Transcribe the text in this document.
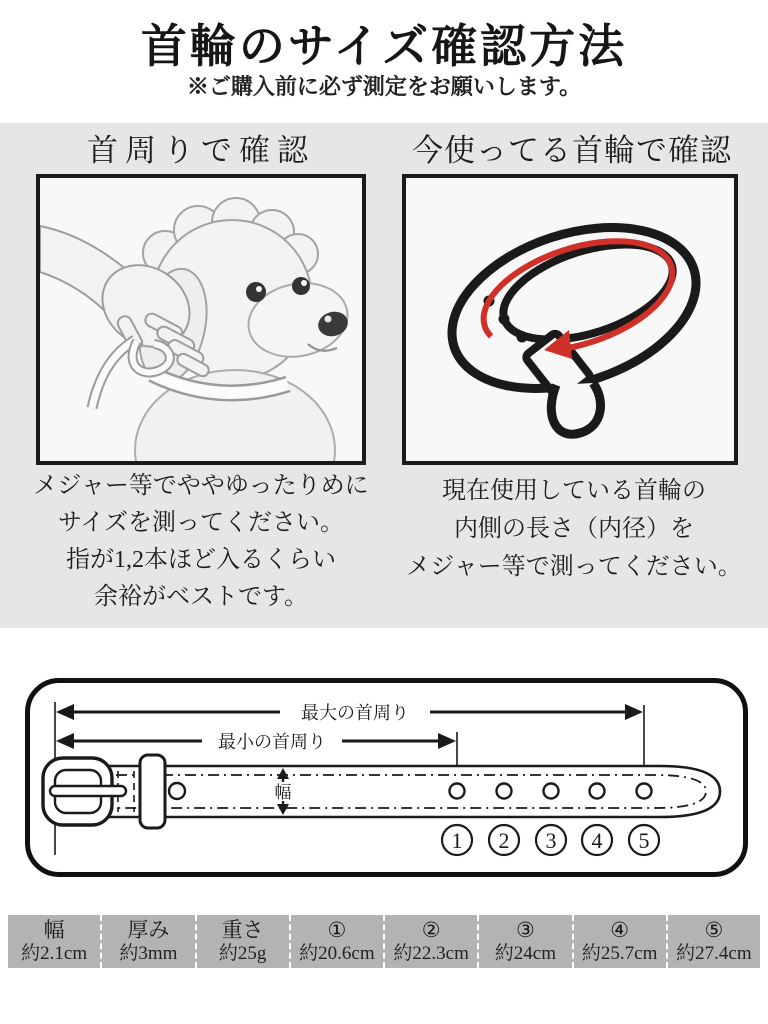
首輪のサイズ確認方法
※ご購入前に必ず測定をお願いします。
首周りで確認	今使ってる首輪で確認
メジャー等でややゆったりめに
サイズを測ってください。
指が1,2本ほど入るくらい
余裕がベストです。
現在使用している首輪の
内側の長さ（内径）を
メジャー等で測ってください。
最大の首周り
最小の首周り
幅
1 2 3 4 5
幅
約2.1cm
厚み
約3mm
重さ
約25g
①
約20.6cm
②
約22.3cm
③
約24cm
④
約25.7cm
⑤
約27.4cm
